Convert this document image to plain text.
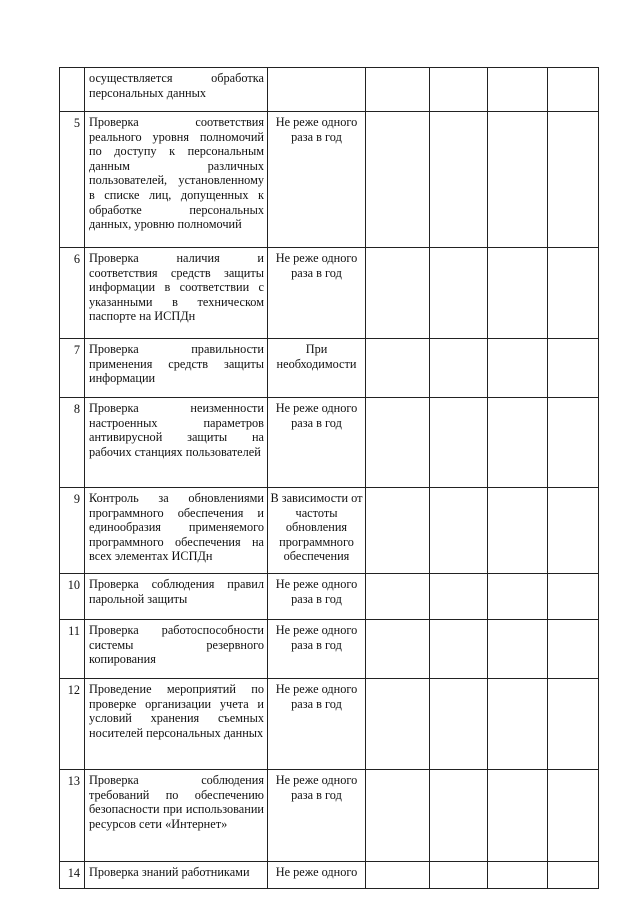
	осуществляется обработка персональных данных					
5	Проверка соответствия реального уровня полномочий по доступу к персональным данным различных пользователей, установленному в списке лиц, допущенных к обработке персональных данных, уровню полномочий	Не реже одного раза в год				
6	Проверка наличия и соответствия средств защиты информации в соответствии с указанными в техническом паспорте на ИСПДн	Не реже одного раза в год				
7	Проверка правильности применения средств защиты информации	При необходимости				
8	Проверка неизменности настроенных параметров антивирусной защиты на рабочих станциях пользователей	Не реже одного раза в год				
9	Контроль за обновлениями программного обеспечения и единообразия применяемого программного обеспечения на всех элементах ИСПДн	В зависимости от частоты обновления программного обеспечения				
10	Проверка соблюдения правил парольной защиты	Не реже одного раза в год				
11	Проверка работоспособности системы резервного копирования	Не реже одного раза в год				
12	Проведение мероприятий по проверке организации учета и условий хранения съемных носителей персональных данных	Не реже одного раза в год				
13	Проверка соблюдения требований по обеспечению безопасности при использовании ресурсов сети «Интернет»	Не реже одного раза в год				
14	Проверка знаний работниками	Не реже одного				
